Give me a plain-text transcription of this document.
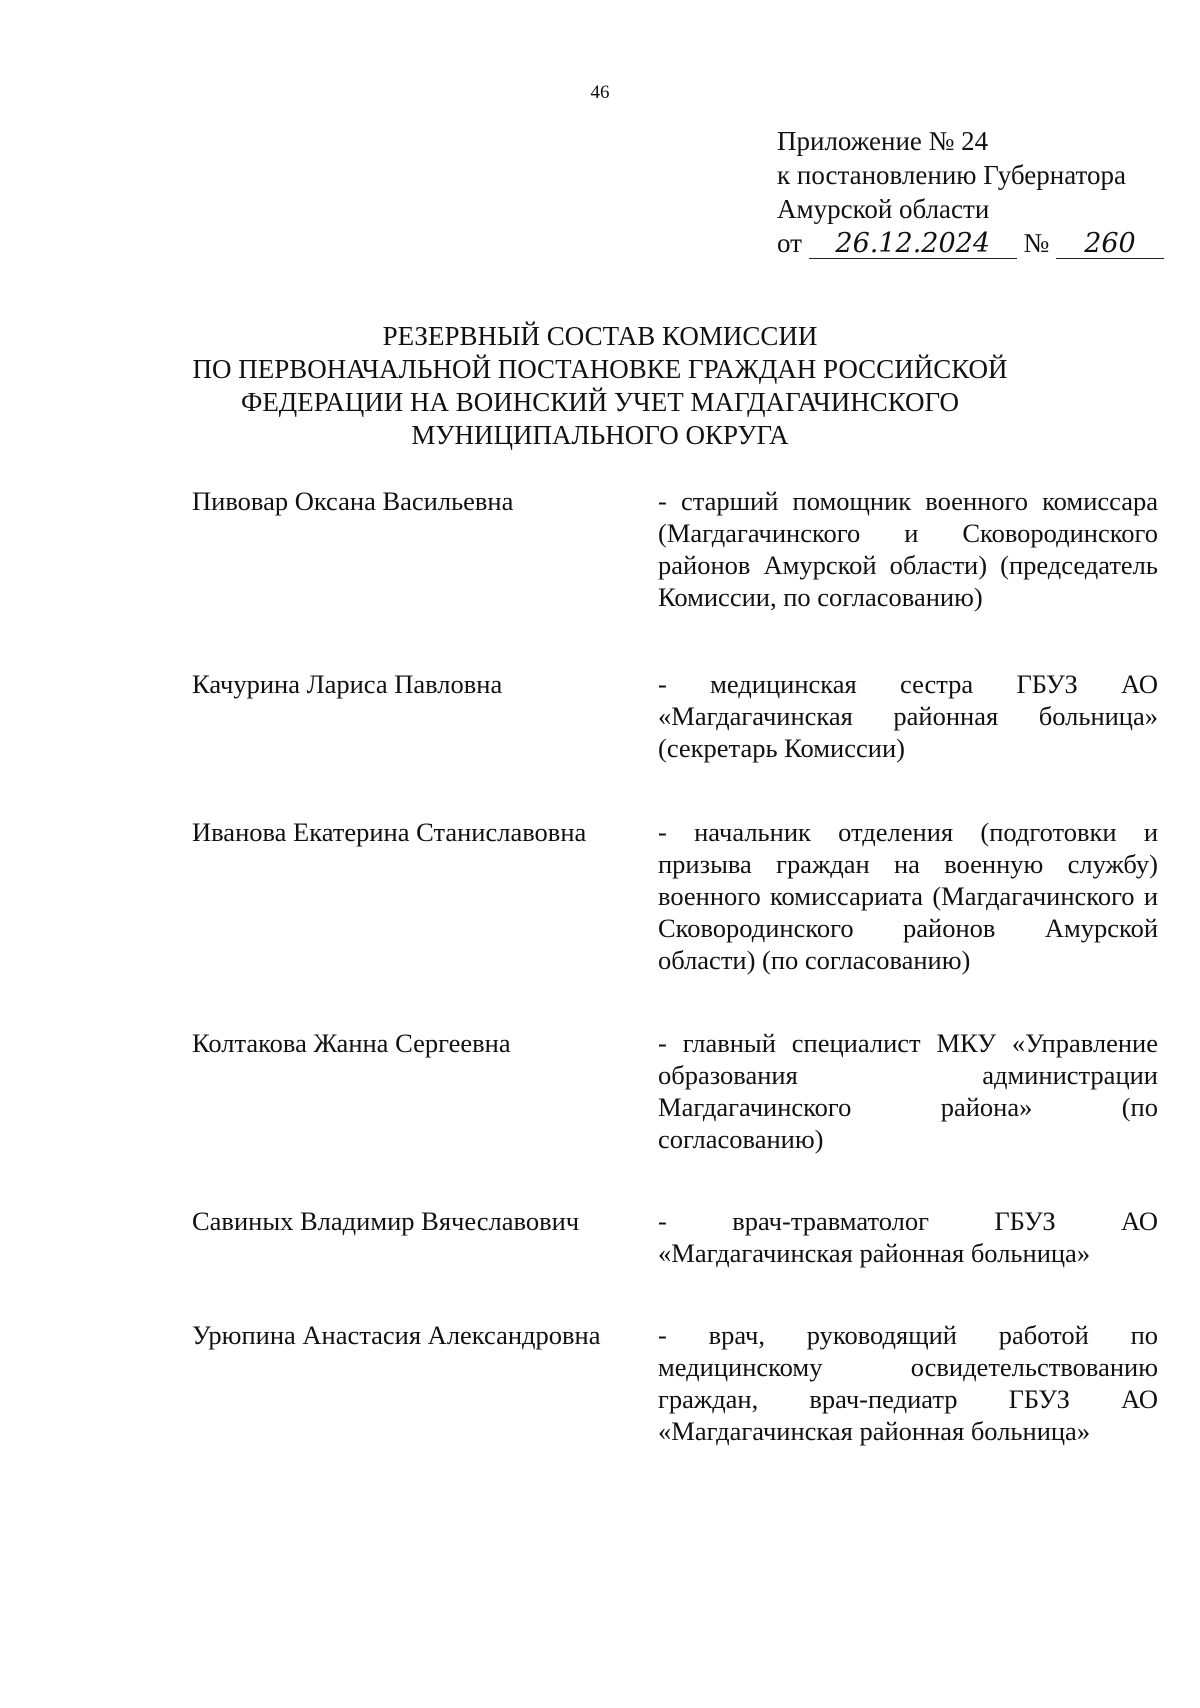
46
Приложение № 24
к постановлению Губернатора
Амурской области
от 26.12.2024 № 260
РЕЗЕРВНЫЙ СОСТАВ КОМИССИИ
ПО ПЕРВОНАЧАЛЬНОЙ ПОСТАНОВКЕ ГРАЖДАН РОССИЙСКОЙ
ФЕДЕРАЦИИ НА ВОИНСКИЙ УЧЕТ МАГДАГАЧИНСКОГО
МУНИЦИПАЛЬНОГО ОКРУГА
Пивовар Оксана Васильевна	- старший помощник военного комиссара (Магдагачинского и Сковородинского районов Амурской области) (председатель Комиссии, по согласованию)
Качурина Лариса Павловна	- медицинская сестра ГБУЗ АО «Магдагачинская районная больница» (секретарь Комиссии)
Иванова Екатерина Станиславовна	- начальник отделения (подготовки и призыва граждан на военную службу) военного комиссариата (Магдагачинского и Сковородинского районов Амурской области) (по согласованию)
Колтакова Жанна Сергеевна	- главный специалист МКУ «Управление образования администрации Магдагачинского района» (по согласованию)
Савиных Владимир Вячеславович	- врач-травматолог ГБУЗ АО «Магдагачинская районная больница»
Урюпина Анастасия Александровна	- врач, руководящий работой по медицинскому освидетельствованию граждан, врач-педиатр ГБУЗ АО «Магдагачинская районная больница»
